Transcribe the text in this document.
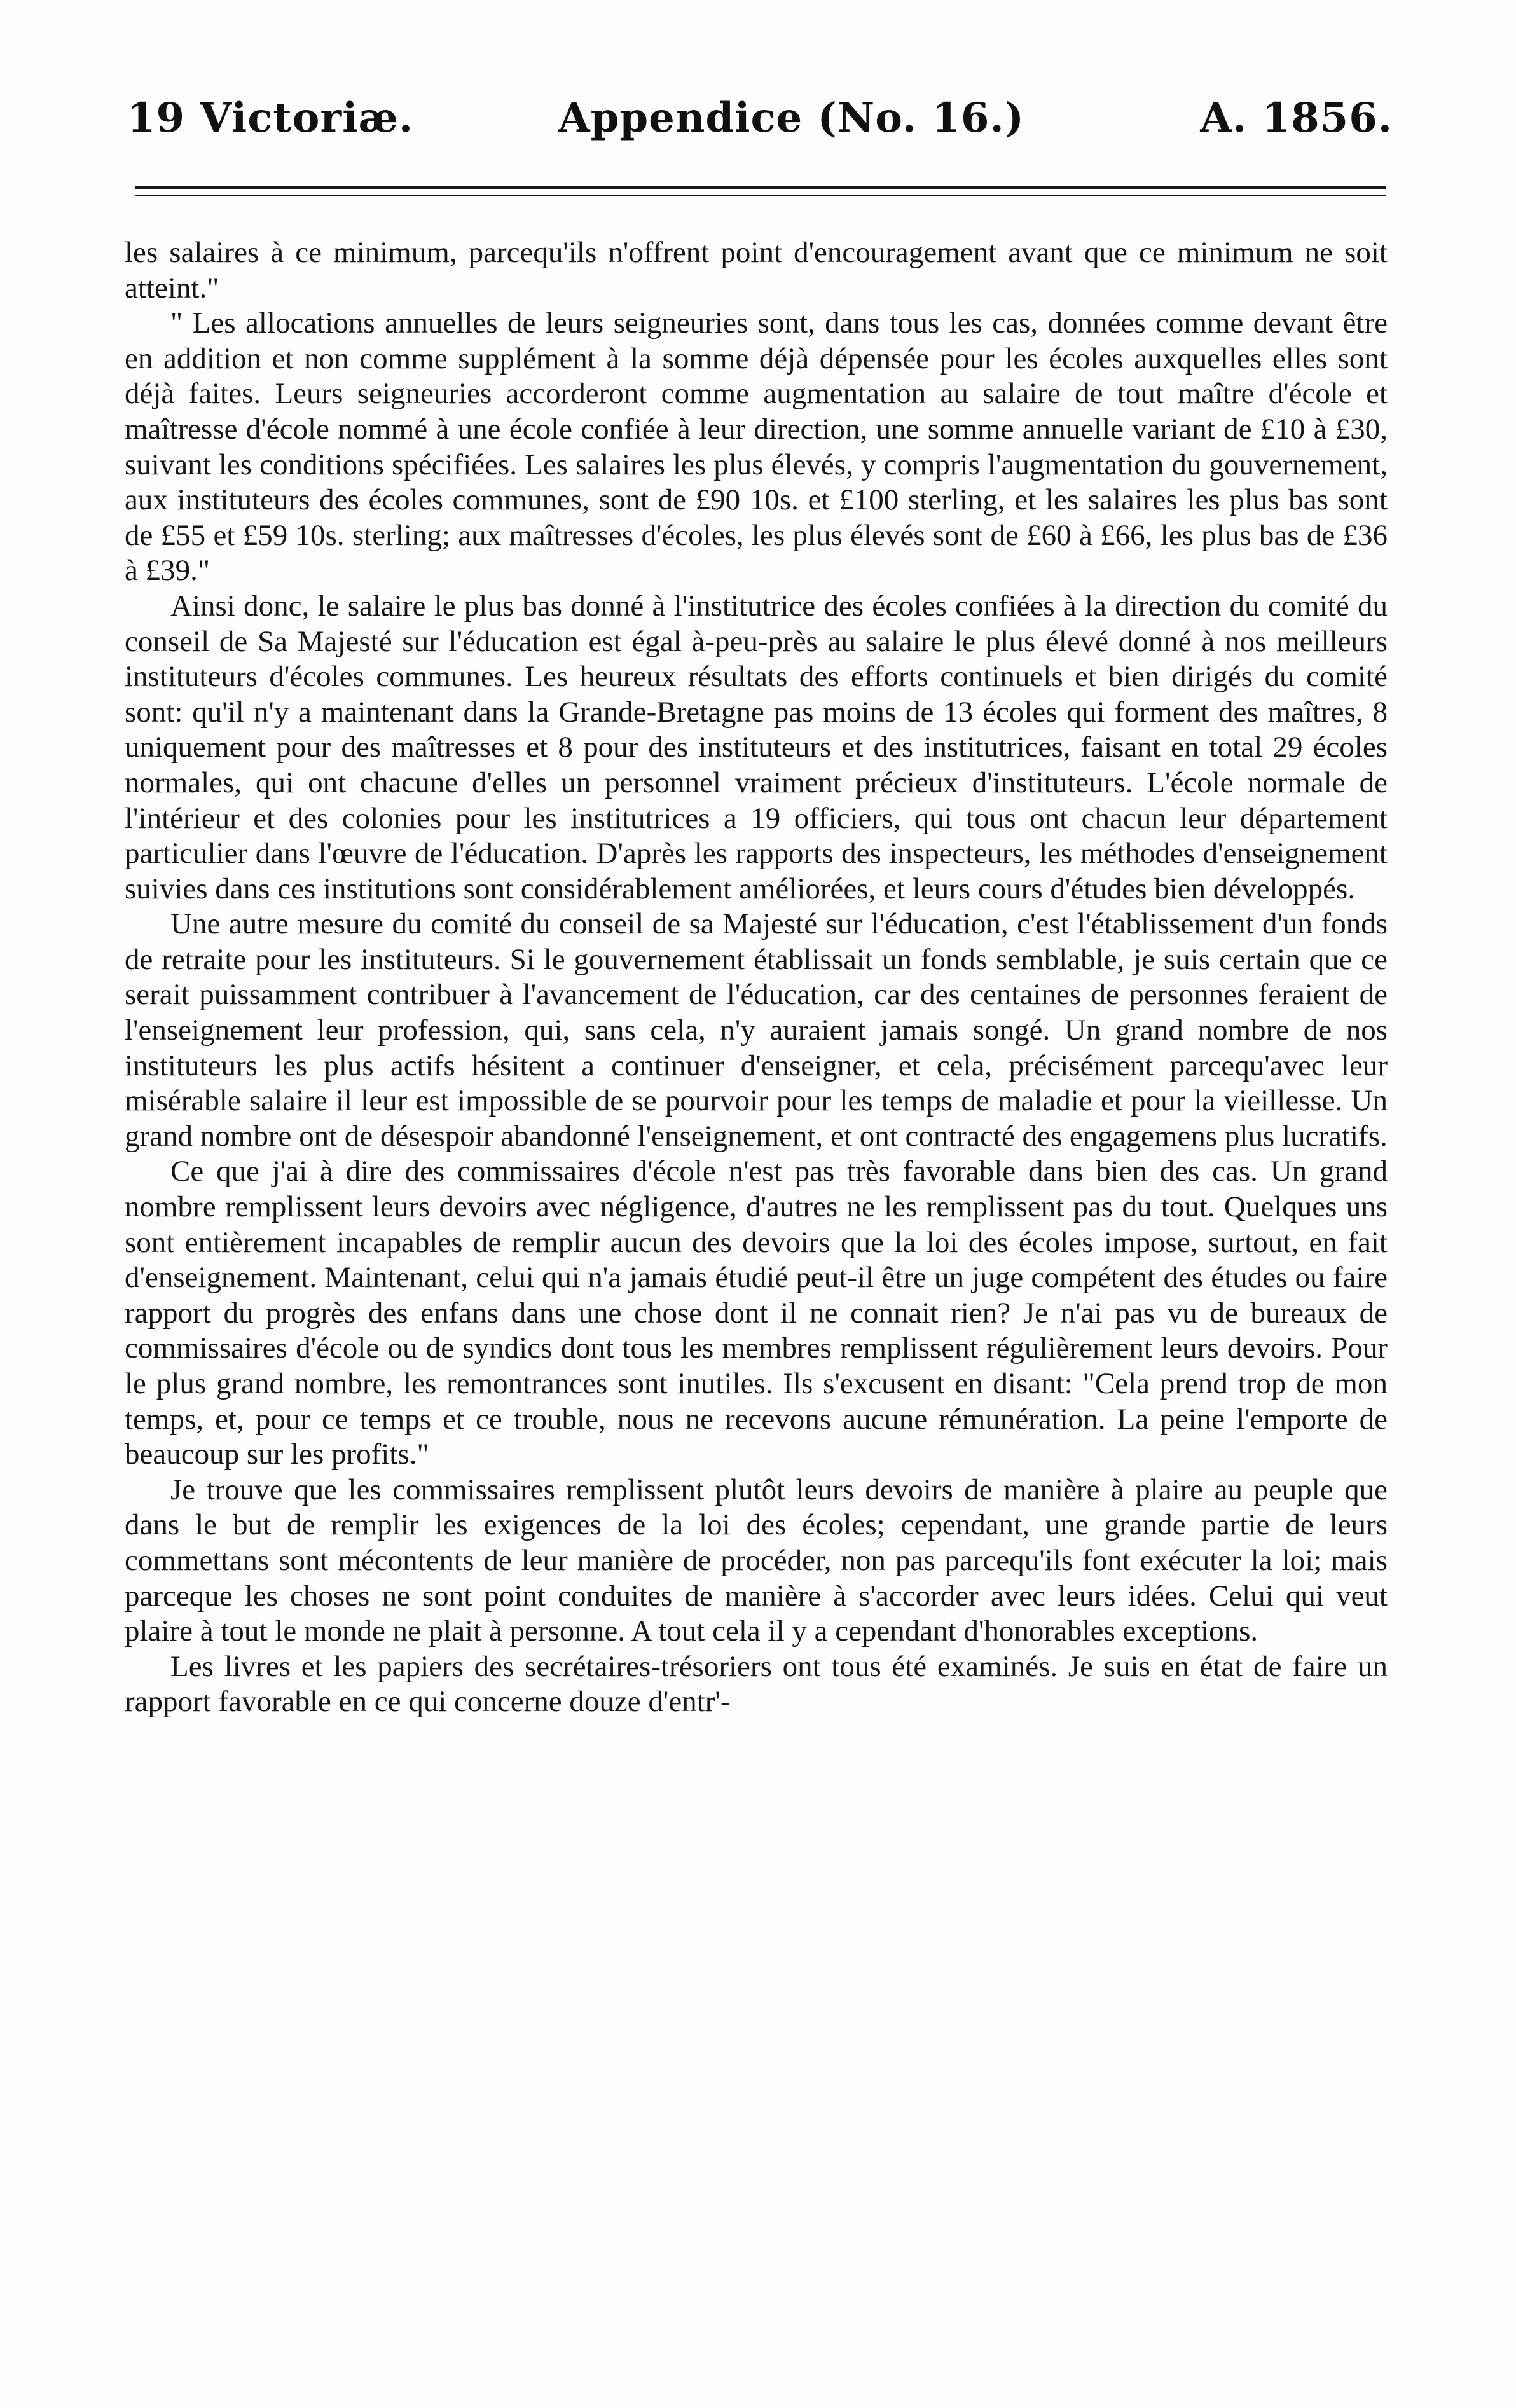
19 Victoriæ.	Appendice (No. 16.)	A. 1856.

les salaires à ce minimum, parcequ'ils n'offrent point d'encouragement avant que ce minimum ne soit atteint."

" Les allocations annuelles de leurs seigneuries sont, dans tous les cas, données comme devant être en addition et non comme supplément à la somme déjà dépensée pour les écoles auxquelles elles sont déjà faites. Leurs seigneuries accorderont comme augmentation au salaire de tout maître d'école et maîtresse d'école nommé à une école confiée à leur direction, une somme annuelle variant de £10 à £30, suivant les conditions spécifiées. Les salaires les plus élevés, y compris l'augmentation du gouvernement, aux instituteurs des écoles communes, sont de £90 10s. et £100 sterling, et les salaires les plus bas sont de £55 et £59 10s. sterling; aux maîtresses d'écoles, les plus élevés sont de £60 à £66, les plus bas de £36 à £39."

Ainsi donc, le salaire le plus bas donné à l'institutrice des écoles confiées à la direction du comité du conseil de Sa Majesté sur l'éducation est égal à-peu-près au salaire le plus élevé donné à nos meilleurs instituteurs d'écoles communes. Les heureux résultats des efforts continuels et bien dirigés du comité sont: qu'il n'y a maintenant dans la Grande-Bretagne pas moins de 13 écoles qui forment des maîtres, 8 uniquement pour des maîtresses et 8 pour des instituteurs et des institutrices, faisant en total 29 écoles normales, qui ont chacune d'elles un personnel vraiment précieux d'instituteurs. L'école normale de l'intérieur et des colonies pour les institutrices a 19 officiers, qui tous ont chacun leur département particulier dans l'œuvre de l'éducation. D'après les rapports des inspecteurs, les méthodes d'enseignement suivies dans ces institutions sont considérablement améliorées, et leurs cours d'études bien développés.

Une autre mesure du comité du conseil de sa Majesté sur l'éducation, c'est l'établissement d'un fonds de retraite pour les instituteurs. Si le gouvernement établissait un fonds semblable, je suis certain que ce serait puissamment contribuer à l'avancement de l'éducation, car des centaines de personnes feraient de l'enseignement leur profession, qui, sans cela, n'y auraient jamais songé. Un grand nombre de nos instituteurs les plus actifs hésitent a continuer d'enseigner, et cela, précisément parcequ'avec leur misérable salaire il leur est impossible de se pourvoir pour les temps de maladie et pour la vieillesse. Un grand nombre ont de désespoir abandonné l'enseignement, et ont contracté des engagemens plus lucratifs.

Ce que j'ai à dire des commissaires d'école n'est pas très favorable dans bien des cas. Un grand nombre remplissent leurs devoirs avec négligence, d'autres ne les remplissent pas du tout. Quelques uns sont entièrement incapables de remplir aucun des devoirs que la loi des écoles impose, surtout, en fait d'enseignement. Maintenant, celui qui n'a jamais étudié peut-il être un juge compétent des études ou faire rapport du progrès des enfans dans une chose dont il ne connait rien? Je n'ai pas vu de bureaux de commissaires d'école ou de syndics dont tous les membres remplissent régulièrement leurs devoirs. Pour le plus grand nombre, les remontrances sont inutiles. Ils s'excusent en disant: "Cela prend trop de mon temps, et, pour ce temps et ce trouble, nous ne recevons aucune rémunération. La peine l'emporte de beaucoup sur les profits."

Je trouve que les commissaires remplissent plutôt leurs devoirs de manière à plaire au peuple que dans le but de remplir les exigences de la loi des écoles; cependant, une grande partie de leurs commettans sont mécontents de leur manière de procéder, non pas parcequ'ils font exécuter la loi; mais parceque les choses ne sont point conduites de manière à s'accorder avec leurs idées. Celui qui veut plaire à tout le monde ne plait à personne. A tout cela il y a cependant d'honorables exceptions.

Les livres et les papiers des secrétaires-trésoriers ont tous été examinés. Je suis en état de faire un rapport favorable en ce qui concerne douze d'entr'-
